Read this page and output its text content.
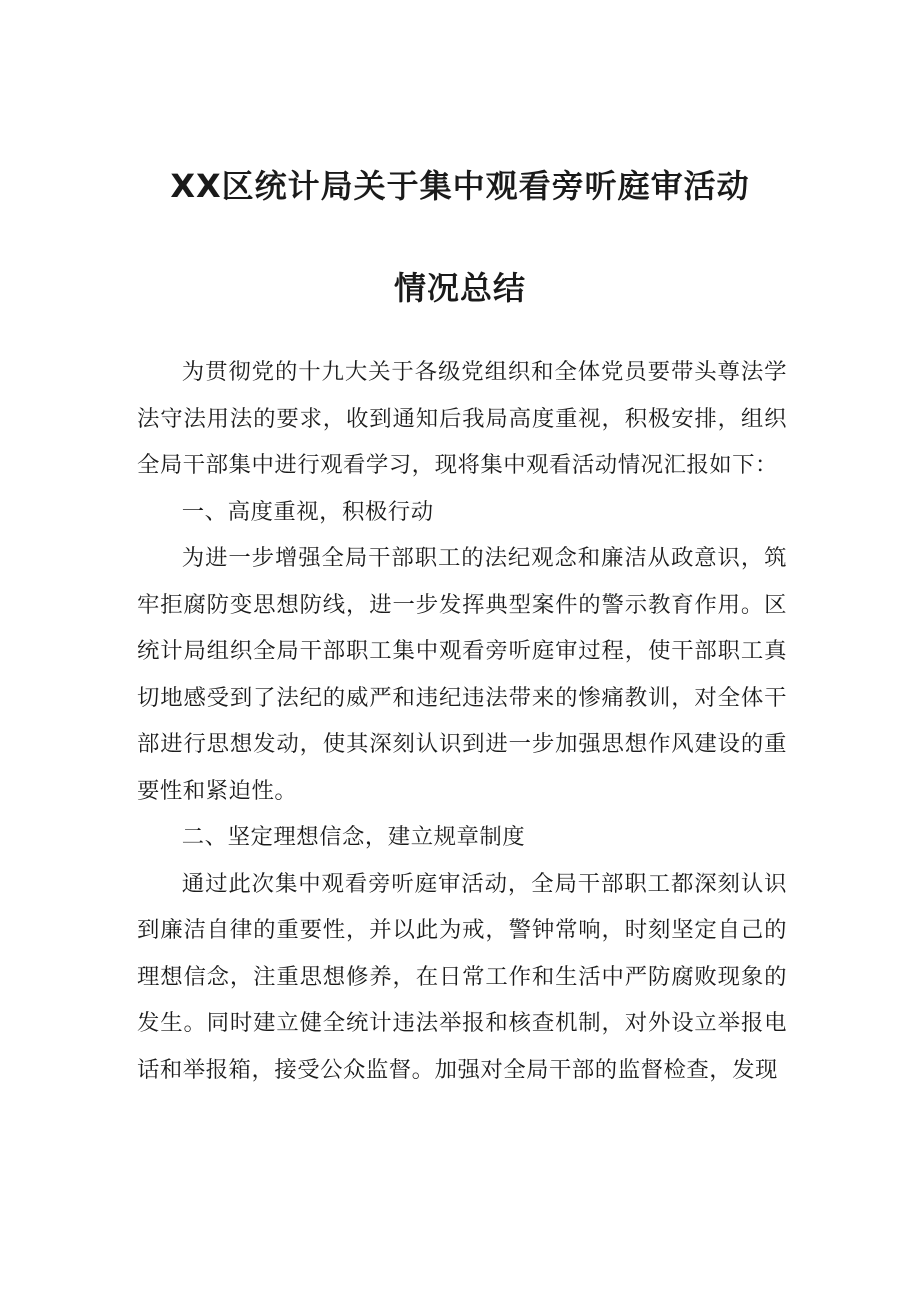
XX区统计局关于集中观看旁听庭审活动
情况总结

为贯彻党的十九大关于各级党组织和全体党员要带头尊法学法守法用法的要求，收到通知后我局高度重视，积极安排，组织全局干部集中进行观看学习，现将集中观看活动情况汇报如下：

一、高度重视，积极行动

为进一步增强全局干部职工的法纪观念和廉洁从政意识，筑牢拒腐防变思想防线，进一步发挥典型案件的警示教育作用。区统计局组织全局干部职工集中观看旁听庭审过程，使干部职工真切地感受到了法纪的威严和违纪违法带来的惨痛教训，对全体干部进行思想发动，使其深刻认识到进一步加强思想作风建设的重要性和紧迫性。

二、坚定理想信念，建立规章制度

通过此次集中观看旁听庭审活动，全局干部职工都深刻认识到廉洁自律的重要性，并以此为戒，警钟常响，时刻坚定自己的理想信念，注重思想修养，在日常工作和生活中严防腐败现象的发生。同时建立健全统计违法举报和核查机制，对外设立举报电话和举报箱，接受公众监督。加强对全局干部的监督检查，发现
